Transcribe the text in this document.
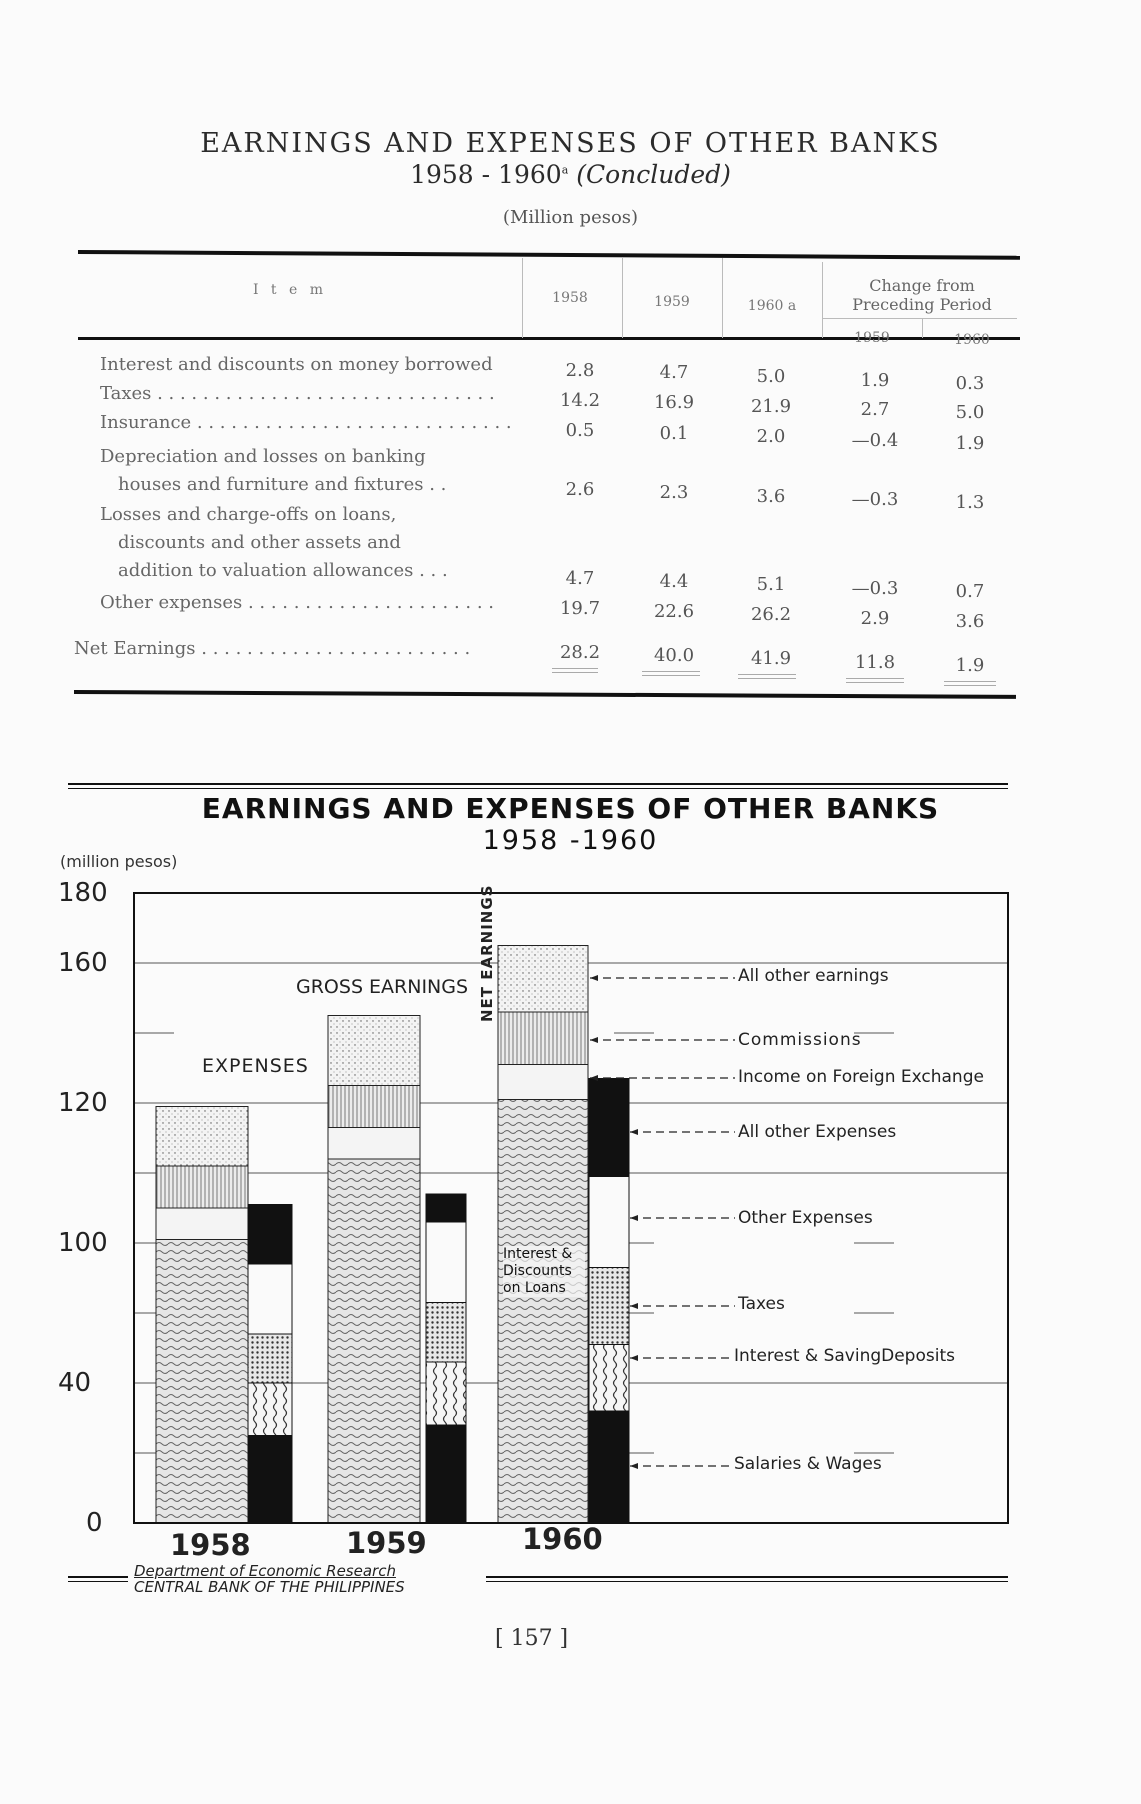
EARNINGS AND EXPENSES OF OTHER BANKS
1958 - 1960$^a$ (Concluded)
(Million pesos)
I t e m	1958	1959	1960 a
Change from Preceding Period
1959	1960
Interest and discounts on money borrowed	2.8	4.7	5.0	1.9	0.3
Taxes . . . . . . . . . . . . . . . . . . . . . . . . . . . . . .	14.2	16.9	21.9	2.7	5.0
Insurance . . . . . . . . . . . . . . . . . . . . . . . . . . . .	0.5	0.1	2.0	—0.4	1.9
Depreciation and losses on banking
houses and furniture and fixtures . .	2.6	2.3	3.6	—0.3	1.3
Losses and charge-offs on loans,
discounts and other assets and
addition to valuation allowances . . .	4.7	4.4	5.1	—0.3	0.7
Other expenses . . . . . . . . . . . . . . . . . . . . . .	19.7	22.6	26.2	2.9	3.6
Net Earnings . . . . . . . . . . . . . . . . . . . . . . . .	28.2	40.0	41.9	11.8	1.9
EARNINGS AND EXPENSES OF OTHER BANKS
1958 -1960
(million pesos)
180
160
120
100
40
0
1958	1959	1960
GROSS EARNINGS
EXPENSES
NET EARNINGS
Interest & Discounts on Loans
All other earnings
Commissions
Income on Foreign Exchange
All other Expenses
Other Expenses
Taxes
Interest & SavingDeposits
Salaries & Wages
Department of Economic Research
CENTRAL BANK OF THE PHILIPPINES
[ 157 ]
